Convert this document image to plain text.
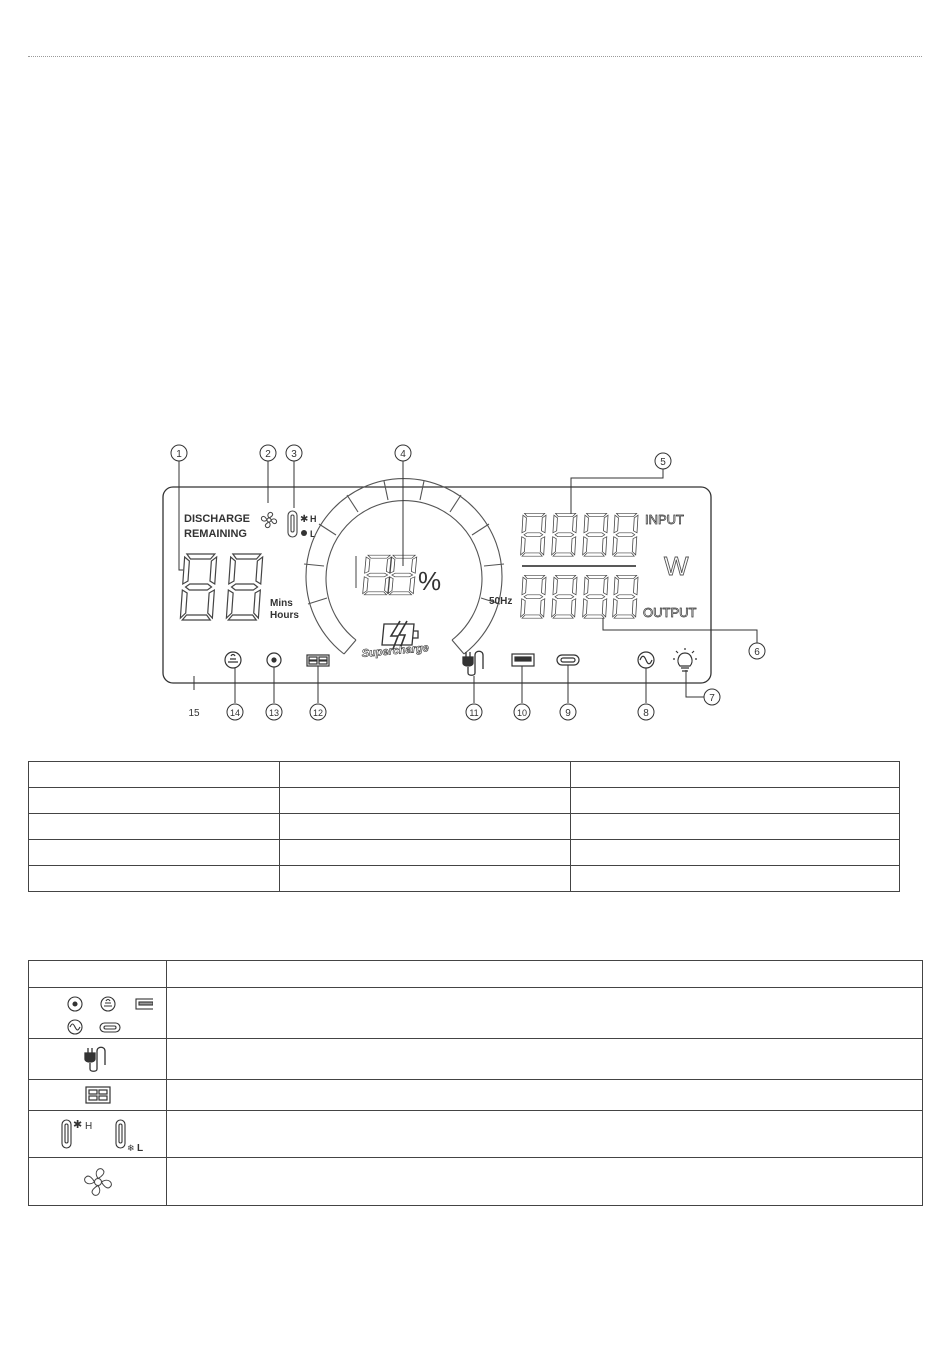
DISCHARGE
REMAINING
Mins
Hours
✱ H
L
%
Supercharge
INPUT
W
OUTPUT
50Hz
1	2 3	4
5
6
7
8
9
10
11
12
13
14
15

✱ H
❄ L	
